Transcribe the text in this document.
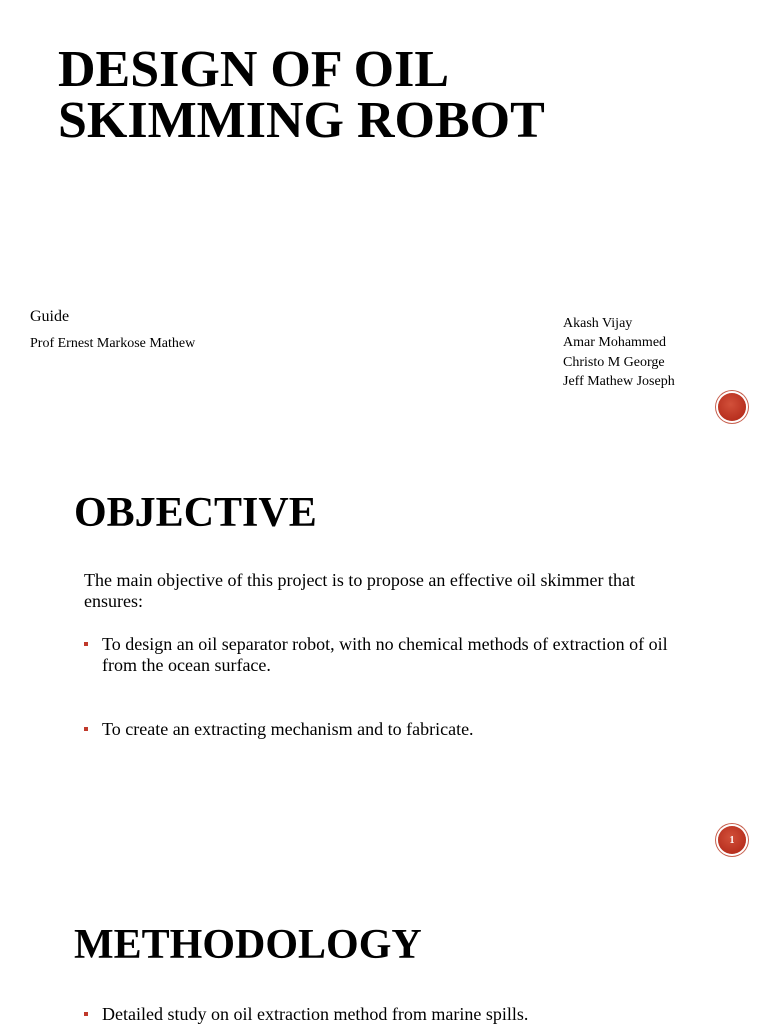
DESIGN OF OIL
SKIMMING ROBOT
Guide
Prof Ernest Markose Mathew
Akash Vijay
Amar Mohammed
Christo M George
Jeff Mathew Joseph
OBJECTIVE

The main objective of this project is to propose an effective oil skimmer that ensures:

To design an oil separator robot, with no chemical methods of extraction of oil from the ocean surface.
To create an extracting mechanism and to fabricate.
1
METHODOLOGY
Detailed study on oil extraction method from marine spills.
